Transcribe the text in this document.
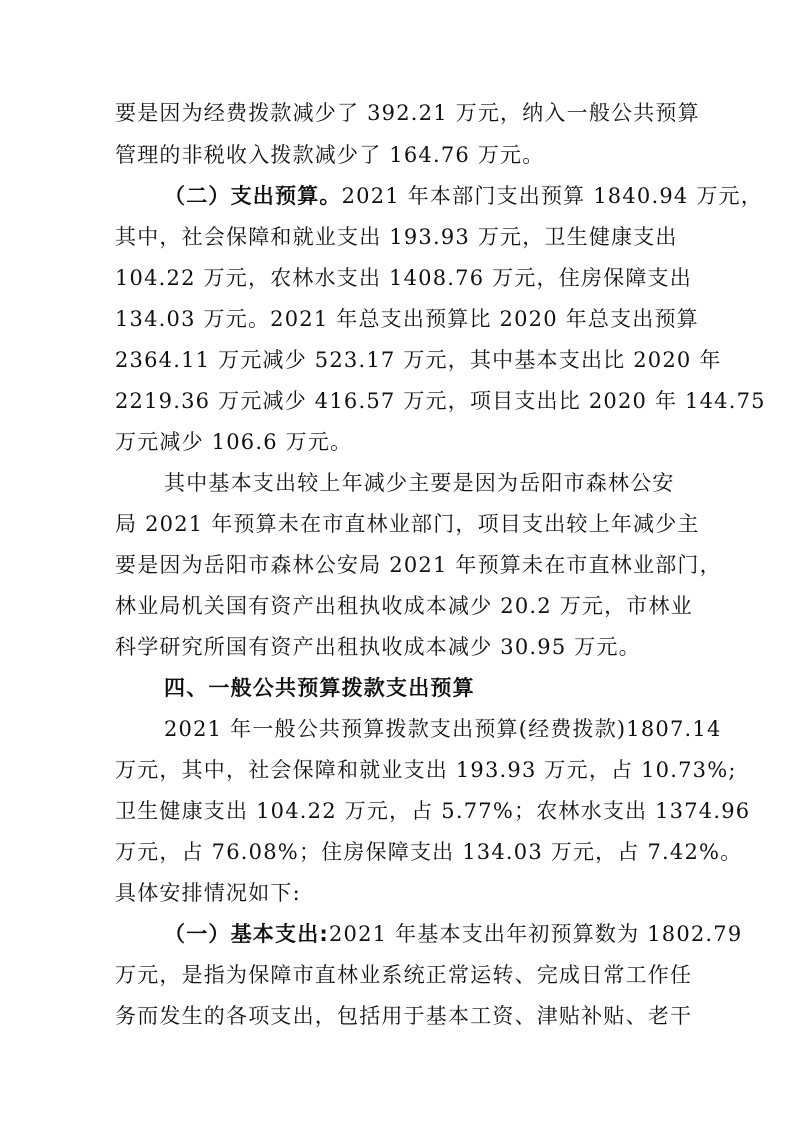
要是因为经费拨款减少了 392.21 万元，纳入一般公共预算
管理的非税收入拨款减少了 164.76 万元。
（二）支出预算。2021 年本部门支出预算 1840.94 万元，
其中，社会保障和就业支出 193.93 万元，卫生健康支出
104.22 万元，农林水支出 1408.76 万元，住房保障支出
134.03 万元。2021 年总支出预算比 2020 年总支出预算
2364.11 万元减少 523.17 万元，其中基本支出比 2020 年
2219.36 万元减少 416.57 万元，项目支出比 2020 年 144.75
万元减少 106.6 万元。
其中基本支出较上年减少主要是因为岳阳市森林公安
局 2021 年预算未在市直林业部门，项目支出较上年减少主
要是因为岳阳市森林公安局 2021 年预算未在市直林业部门，
林业局机关国有资产出租执收成本减少 20.2 万元，市林业
科学研究所国有资产出租执收成本减少 30.95 万元。
四、一般公共预算拨款支出预算
2021 年一般公共预算拨款支出预算(经费拨款)1807.14
万元，其中，社会保障和就业支出 193.93 万元，占 10.73%;
卫生健康支出 104.22 万元，占 5.77%；农林水支出 1374.96
万元，占 76.08%；住房保障支出 134.03 万元，占 7.42%。
具体安排情况如下:
（一）基本支出:2021 年基本支出年初预算数为 1802.79
万元，是指为保障市直林业系统正常运转、完成日常工作任
务而发生的各项支出，包括用于基本工资、津贴补贴、老干
